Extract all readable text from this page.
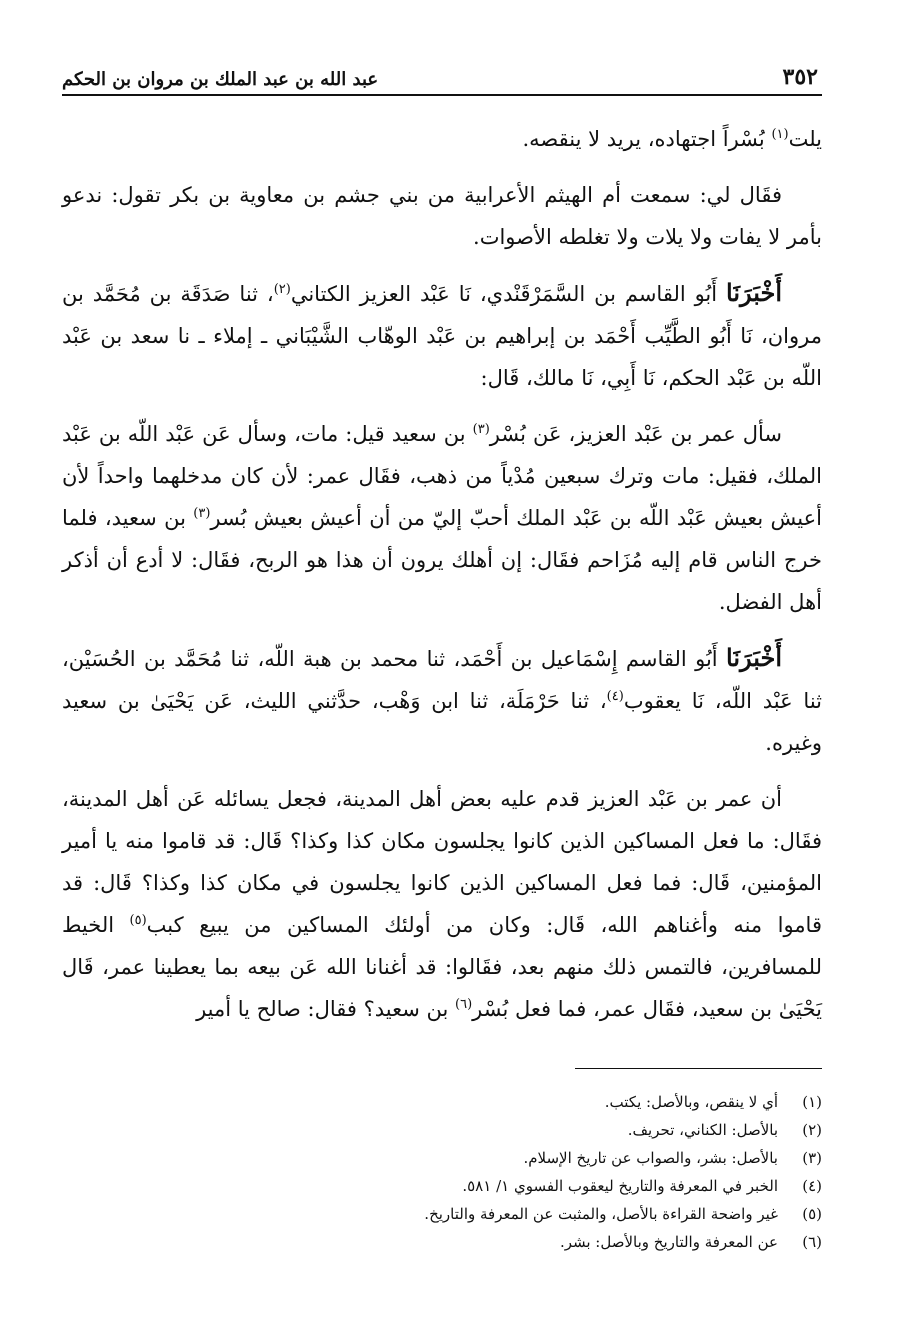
٣٥٢
عبد الله بن عبد الملك بن مروان بن الحكم

يلت$^{(١)}$ بُسْراً اجتهاده، يريد لا ينقصه.

فقَال لي: سمعت أم الهيثم الأعرابية من بني جشم بن معاوية بن بكر تقول: ندعو بأمر لا يفات ولا يلات ولا تغلطه الأصوات.

أَخْبَرَنَا أَبُو القاسم بن السَّمَرْقَنْدي، نَا عَبْد العزيز الكتاني$^{(٢)}$، ثنا صَدَقَة بن مُحَمَّد بن مروان، نَا أَبُو الطَّيِّب أَحْمَد بن إبراهيم بن عَبْد الوهّاب الشَّيْبَاني ـ إملاء ـ نا سعد بن عَبْد اللّه بن عَبْد الحكم، نَا أَبِي، نَا مالك، قَال:

سأل عمر بن عَبْد العزيز، عَن بُسْر$^{(٣)}$ بن سعيد قيل: مات، وسأل عَن عَبْد اللّه بن عَبْد الملك، فقيل: مات وترك سبعين مُدْياً من ذهب، فقَال عمر: لأن كان مدخلهما واحداً لأن أعيش بعيش عَبْد اللّه بن عَبْد الملك أحبّ إليّ من أن أعيش بعيش بُسر$^{(٣)}$ بن سعيد، فلما خرج الناس قام إليه مُزَاحم فقَال: إن أهلك يرون أن هذا هو الربح، فقَال: لا أدع أن أذكر أهل الفضل.

أَخْبَرَنَا أَبُو القاسم إِسْمَاعيل بن أَحْمَد، ثنا محمد بن هبة اللّه، ثنا مُحَمَّد بن الحُسَيْن، ثنا عَبْد اللّه، نَا يعقوب$^{(٤)}$، ثنا حَرْمَلَة، ثنا ابن وَهْب، حدَّثني الليث، عَن يَحْيَىٰ بن سعيد وغيره.

أن عمر بن عَبْد العزيز قدم عليه بعض أهل المدينة، فجعل يسائله عَن أهل المدينة، فقَال: ما فعل المساكين الذين كانوا يجلسون مكان كذا وكذا؟ قَال: قد قاموا منه يا أمير المؤمنين، قَال: فما فعل المساكين الذين كانوا يجلسون في مكان كذا وكذا؟ قَال: قد قاموا منه وأغناهم الله، قَال: وكان من أولئك المساكين من يبيع كبب$^{(٥)}$ الخيط للمسافرين، فالتمس ذلك منهم بعد، فقَالوا: قد أغنانا الله عَن بيعه بما يعطينا عمر، قَال يَحْيَىٰ بن سعيد، فقَال عمر، فما فعل بُسْر$^{(٦)}$ بن سعيد؟ فقال: صالح يا أمير

(١)
أي لا ينقص، وبالأصل: يكتب.
(٢)
بالأصل: الكناني، تحريف.
(٣)
بالأصل: بشر، والصواب عن تاريخ الإسلام.
(٤)
الخبر في المعرفة والتاريخ ليعقوب الفسوي ١/ ٥٨١.
(٥)
غير واضحة القراءة بالأصل، والمثبت عن المعرفة والتاريخ.
(٦)
عن المعرفة والتاريخ وبالأصل: بشر.
